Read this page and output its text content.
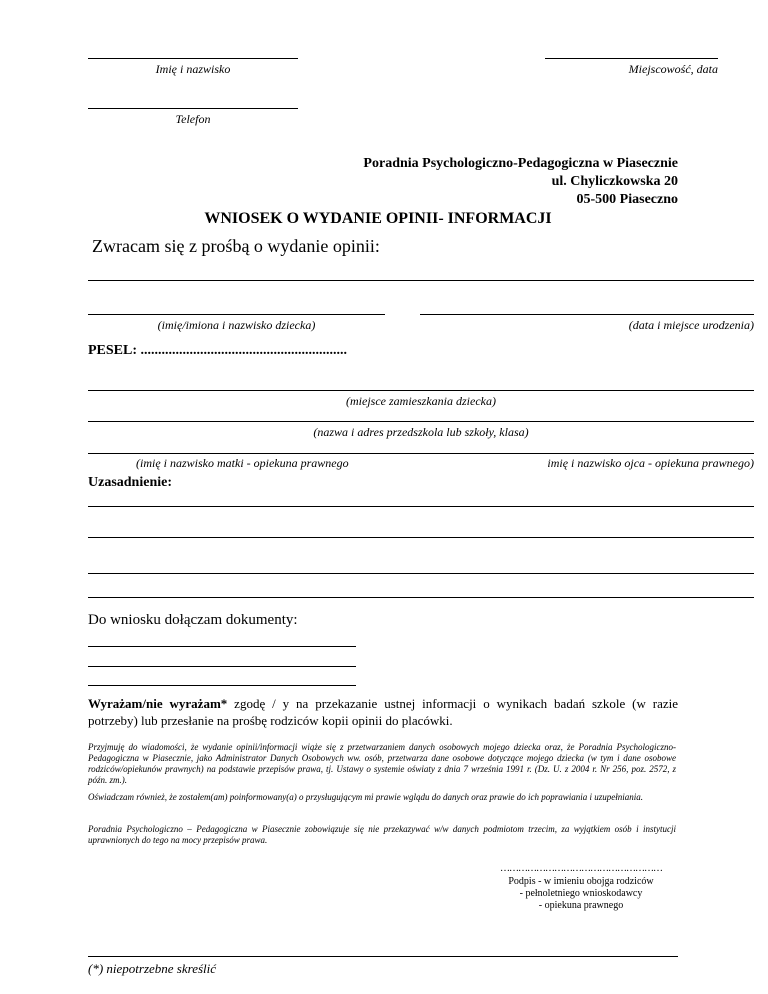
Imię i nazwisko	Miejscowość, data
Telefon
Poradnia Psychologiczno-Pedagogiczna w Piasecznie
ul. Chyliczkowska 20
05-500 Piaseczno
WNIOSEK O WYDANIE OPINII- INFORMACJI
Zwracam się z prośbą o wydanie opinii:
(imię/imiona i nazwisko dziecka)	(data i miejsce urodzenia)
PESEL: ...........................................................
(miejsce zamieszkania dziecka)
(nazwa i adres przedszkola lub szkoły, klasa)
(imię i nazwisko matki - opiekuna prawnego	imię i nazwisko ojca - opiekuna prawnego)
Uzasadnienie:
Do wniosku dołączam dokumenty:
Wyrażam/nie wyrażam* zgodę / y na przekazanie ustnej informacji o wynikach badań szkole (w razie potrzeby) lub przesłanie na prośbę rodziców kopii opinii do placówki.
Przyjmuję do wiadomości, że wydanie opinii/informacji wiąże się z przetwarzaniem danych osobowych mojego dziecka oraz, że Poradnia Psychologiczno-Pedagogiczna w Piasecznie, jako Administrator Danych Osobowych ww. osób, przetwarza dane osobowe dotyczące mojego dziecka (w tym i dane osobowe rodziców/opiekunów prawnych) na podstawie przepisów prawa, tj. Ustawy o systemie oświaty z dnia 7 września 1991 r. (Dz. U. z 2004 r. Nr 256, poz. 2572, z późn. zm.).
Oświadczam również, że zostałem(am) poinformowany(a) o przysługującym mi prawie wglądu do danych oraz prawie do ich poprawiania i uzupełniania.
Poradnia Psychologiczno – Pedagogiczna w Piasecznie zobowiązuje się nie przekazywać w/w danych podmiotom trzecim, za wyjątkiem osób i instytucji uprawnionych do tego na mocy przepisów prawa.
………………………………………………
Podpis - w imieniu obojga rodziców
- pełnoletniego wnioskodawcy
- opiekuna prawnego
(*) niepotrzebne skreślić
